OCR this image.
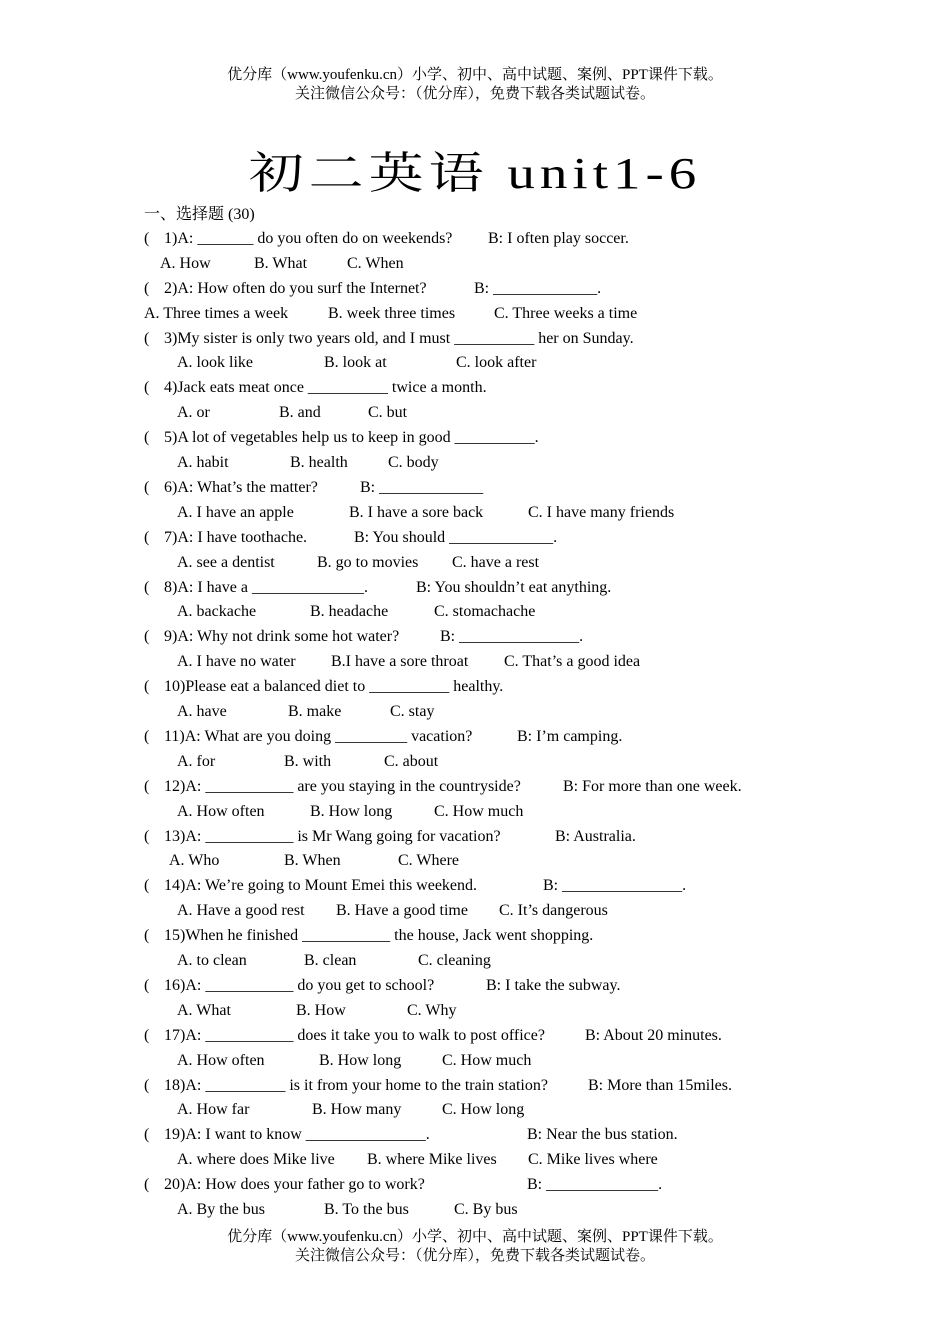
优分库（www.youfenku.cn）小学、初中、高中试题、案例、PPT课件下载。
关注微信公众号：（优分库），免费下载各类试题试卷。
初二英语 unit1-6
一、选择题 (30)
( 1)A: _______ do you often do on weekends? B: I often play soccer.
A. How	B. What C. When
( 2)A: How often do you surf the Internet?	B: _____________.
A. Three times a week B. week three times C. Three weeks a time
( 3)My sister is only two years old, and I must __________ her on Sunday.
A. look like	B. look at	C. look after
( 4)Jack eats meat once __________ twice a month.
A. or	B. and	C. but
( 5)A lot of vegetables help us to keep in good __________.
A. habit	B. health	C. body
( 6)A: What’s the matter?	B: _____________
A. I have an apple	B. I have a sore back	C. I have many friends
( 7)A: I have toothache.	B: You should _____________.
A. see a dentist	B. go to movies C. have a rest
( 8)A: I have a ______________.	B: You shouldn’t eat anything.
A. backache	B. headache	C. stomachache
( 9)A: Why not drink some hot water?	B: _______________.
A. I have no water B.I have a sore throat C. That’s a good idea
( 10)Please eat a balanced diet to __________ healthy.
A. have	B. make	C. stay
( 11)A: What are you doing _________ vacation?	B: I’m camping.
A. for	B. with	C. about
( 12)A: ___________ are you staying in the countryside?	B: For more than one week.
A. How often	B. How long	C. How much
( 13)A: ___________ is Mr Wang going for vacation?	B: Australia.
A. Who	B. When	C. Where
( 14)A: We’re going to Mount Emei this weekend.	B: _______________.
A. Have a good rest B. Have a good time C. It’s dangerous
( 15)When he finished ___________ the house, Jack went shopping.
A. to clean	B. clean	C. cleaning
( 16)A: ___________ do you get to school?	B: I take the subway.
A. What	B. How	C. Why
( 17)A: ___________ does it take you to walk to post office?	B: About 20 minutes.
A. How often	B. How long	C. How much
( 18)A: __________ is it from your home to the train station?	B: More than 15miles.
A. How far	B. How many	C. How long
( 19)A: I want to know _______________.	B: Near the bus station.
A. where does Mike live B. where Mike lives C. Mike lives where
( 20)A: How does your father go to work?	B: ______________.
A. By the bus	B. To the bus	C. By bus
优分库（www.youfenku.cn）小学、初中、高中试题、案例、PPT课件下载。
关注微信公众号：（优分库），免费下载各类试题试卷。
